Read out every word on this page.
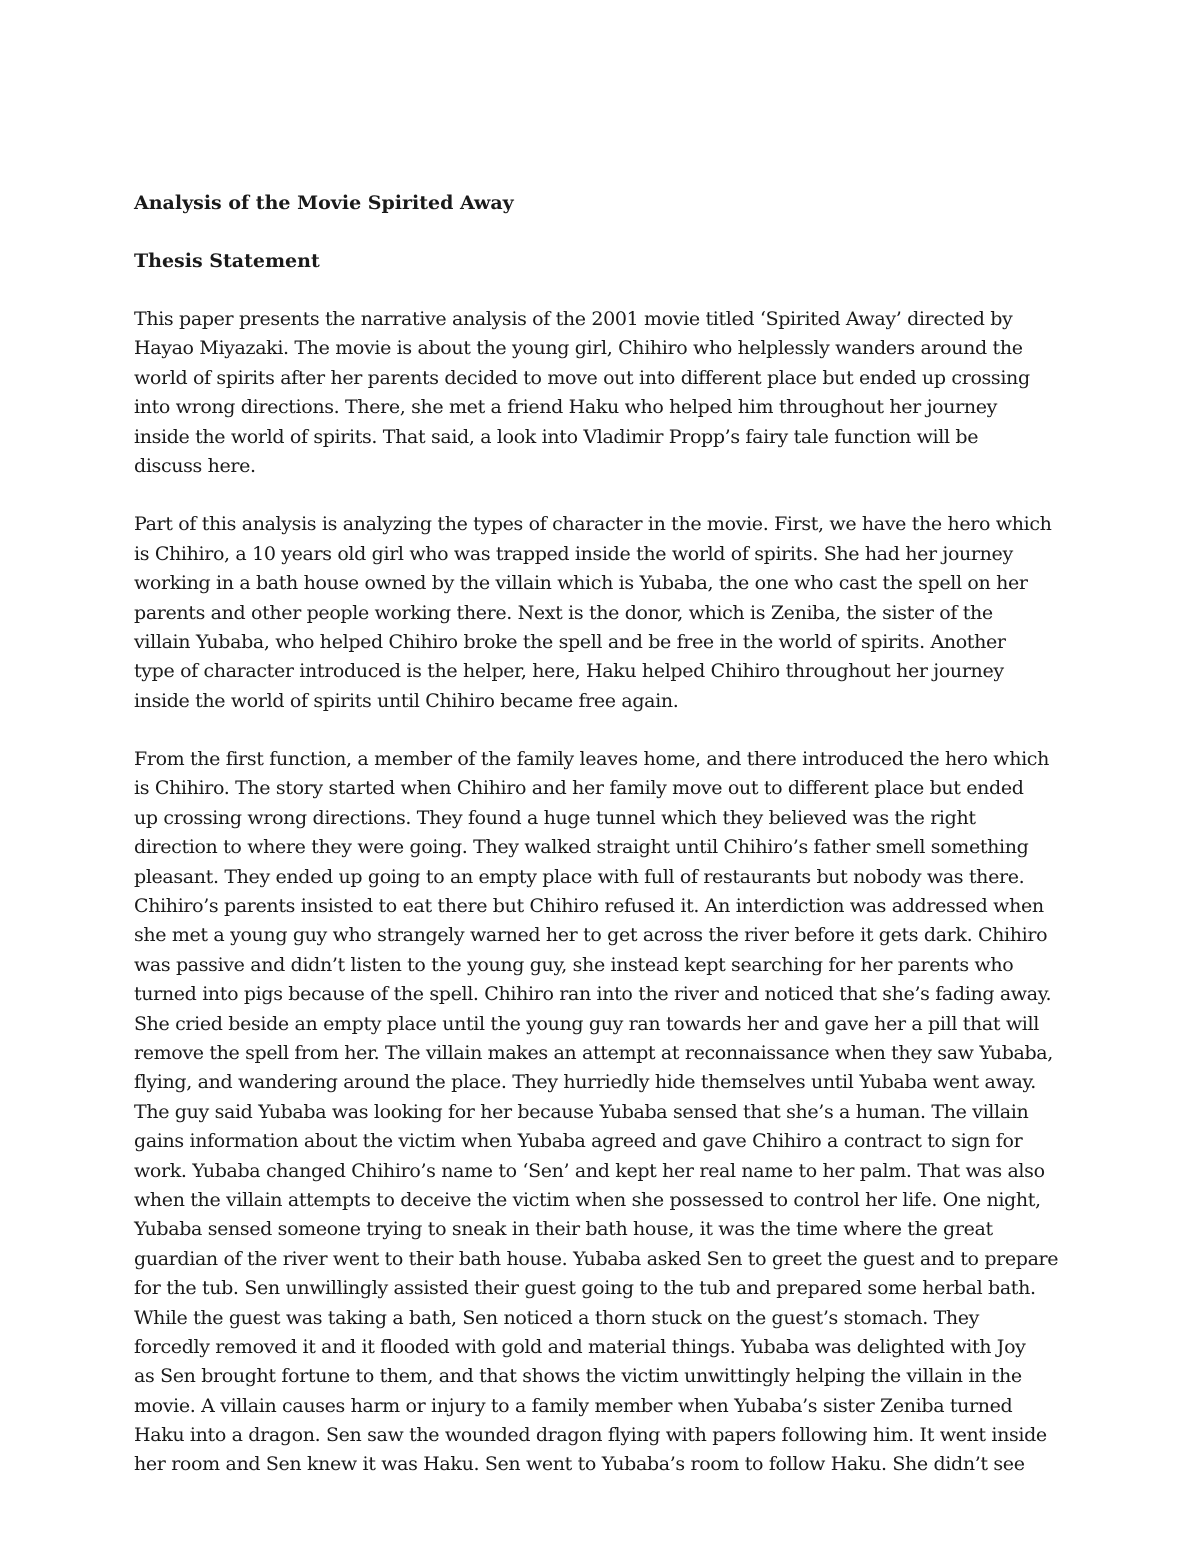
Analysis of the Movie Spirited Away
Thesis Statement
This paper presents the narrative analysis of the 2001 movie titled ‘Spirited Away’ directed by
Hayao Miyazaki. The movie is about the young girl, Chihiro who helplessly wanders around the
world of spirits after her parents decided to move out into different place but ended up crossing
into wrong directions. There, she met a friend Haku who helped him throughout her journey
inside the world of spirits. That said, a look into Vladimir Propp’s fairy tale function will be
discuss here.
Part of this analysis is analyzing the types of character in the movie. First, we have the hero which
is Chihiro, a 10 years old girl who was trapped inside the world of spirits. She had her journey
working in a bath house owned by the villain which is Yubaba, the one who cast the spell on her
parents and other people working there. Next is the donor, which is Zeniba, the sister of the
villain Yubaba, who helped Chihiro broke the spell and be free in the world of spirits. Another
type of character introduced is the helper, here, Haku helped Chihiro throughout her journey
inside the world of spirits until Chihiro became free again.
From the first function, a member of the family leaves home, and there introduced the hero which
is Chihiro. The story started when Chihiro and her family move out to different place but ended
up crossing wrong directions. They found a huge tunnel which they believed was the right
direction to where they were going. They walked straight until Chihiro’s father smell something
pleasant. They ended up going to an empty place with full of restaurants but nobody was there.
Chihiro’s parents insisted to eat there but Chihiro refused it. An interdiction was addressed when
she met a young guy who strangely warned her to get across the river before it gets dark. Chihiro
was passive and didn’t listen to the young guy, she instead kept searching for her parents who
turned into pigs because of the spell. Chihiro ran into the river and noticed that she’s fading away.
She cried beside an empty place until the young guy ran towards her and gave her a pill that will
remove the spell from her. The villain makes an attempt at reconnaissance when they saw Yubaba,
flying, and wandering around the place. They hurriedly hide themselves until Yubaba went away.
The guy said Yubaba was looking for her because Yubaba sensed that she’s a human. The villain
gains information about the victim when Yubaba agreed and gave Chihiro a contract to sign for
work. Yubaba changed Chihiro’s name to ‘Sen’ and kept her real name to her palm. That was also
when the villain attempts to deceive the victim when she possessed to control her life. One night,
Yubaba sensed someone trying to sneak in their bath house, it was the time where the great
guardian of the river went to their bath house. Yubaba asked Sen to greet the guest and to prepare
for the tub. Sen unwillingly assisted their guest going to the tub and prepared some herbal bath.
While the guest was taking a bath, Sen noticed a thorn stuck on the guest’s stomach. They
forcedly removed it and it flooded with gold and material things. Yubaba was delighted with Joy
as Sen brought fortune to them, and that shows the victim unwittingly helping the villain in the
movie. A villain causes harm or injury to a family member when Yubaba’s sister Zeniba turned
Haku into a dragon. Sen saw the wounded dragon flying with papers following him. It went inside
her room and Sen knew it was Haku. Sen went to Yubaba’s room to follow Haku. She didn’t see
